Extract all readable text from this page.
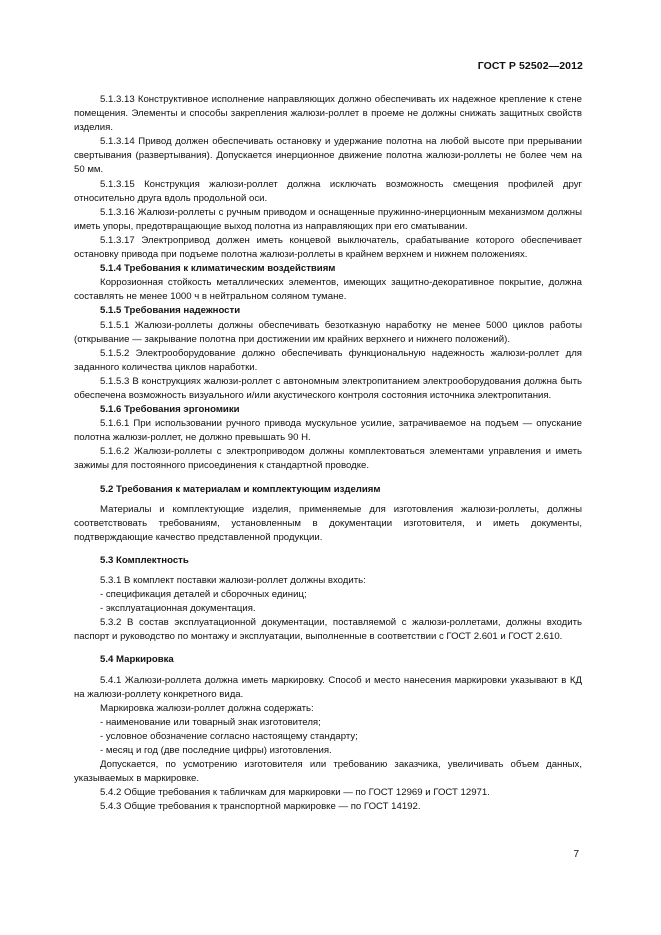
ГОСТ Р 52502—2012
5.1.3.13 Конструктивное исполнение направляющих должно обеспечивать их надежное крепление к стене помещения. Элементы и способы закрепления жалюзи-роллет в проеме не должны снижать защитных свойств изделия.
5.1.3.14 Привод должен обеспечивать остановку и удержание полотна на любой высоте при прерывании свертывания (развертывания). Допускается инерционное движение полотна жалюзи-роллеты не более чем на 50 мм.
5.1.3.15 Конструкция жалюзи-роллет должна исключать возможность смещения профилей друг относительно друга вдоль продольной оси.
5.1.3.16 Жалюзи-роллеты с ручным приводом и оснащенные пружинно-инерционным механизмом должны иметь упоры, предотвращающие выход полотна из направляющих при его сматывании.
5.1.3.17 Электропривод должен иметь концевой выключатель, срабатывание которого обеспечивает остановку привода при подъеме полотна жалюзи-роллеты в крайнем верхнем и нижнем положениях.
5.1.4 Требования к климатическим воздействиям
Коррозионная стойкость металлических элементов, имеющих защитно-декоративное покрытие, должна составлять не менее 1000 ч в нейтральном соляном тумане.
5.1.5 Требования надежности
5.1.5.1 Жалюзи-роллеты должны обеспечивать безотказную наработку не менее 5000 циклов работы (открывание — закрывание полотна при достижении им крайних верхнего и нижнего положений).
5.1.5.2 Электрооборудование должно обеспечивать функциональную надежность жалюзи-роллет для заданного количества циклов наработки.
5.1.5.3 В конструкциях жалюзи-роллет с автономным электропитанием электрооборудования должна быть обеспечена возможность визуального и/или акустического контроля состояния источника электропитания.
5.1.6 Требования эргономики
5.1.6.1 При использовании ручного привода мускульное усилие, затрачиваемое на подъем — опускание полотна жалюзи-роллет, не должно превышать 90 Н.
5.1.6.2 Жалюзи-роллеты с электроприводом должны комплектоваться элементами управления и иметь зажимы для постоянного присоединения к стандартной проводке.
5.2 Требования к материалам и комплектующим изделиям
Материалы и комплектующие изделия, применяемые для изготовления жалюзи-роллеты, должны соответствовать требованиям, установленным в документации изготовителя, и иметь документы, подтверждающие качество представленной продукции.
5.3 Комплектность
5.3.1 В комплект поставки жалюзи-роллет должны входить:
- спецификация деталей и сборочных единиц;
- эксплуатационная документация.
5.3.2 В состав эксплуатационной документации, поставляемой с жалюзи-роллетами, должны входить паспорт и руководство по монтажу и эксплуатации, выполненные в соответствии с ГОСТ 2.601 и ГОСТ 2.610.
5.4 Маркировка
5.4.1 Жалюзи-роллета должна иметь маркировку. Способ и место нанесения маркировки указывают в КД на жалюзи-роллету конкретного вида.
Маркировка жалюзи-роллет должна содержать:
- наименование или товарный знак изготовителя;
- условное обозначение согласно настоящему стандарту;
- месяц и год (две последние цифры) изготовления.
Допускается, по усмотрению изготовителя или требованию заказчика, увеличивать объем данных, указываемых в маркировке.
5.4.2 Общие требования к табличкам для маркировки — по ГОСТ 12969 и ГОСТ 12971.
5.4.3 Общие требования к транспортной маркировке — по ГОСТ 14192.
7
